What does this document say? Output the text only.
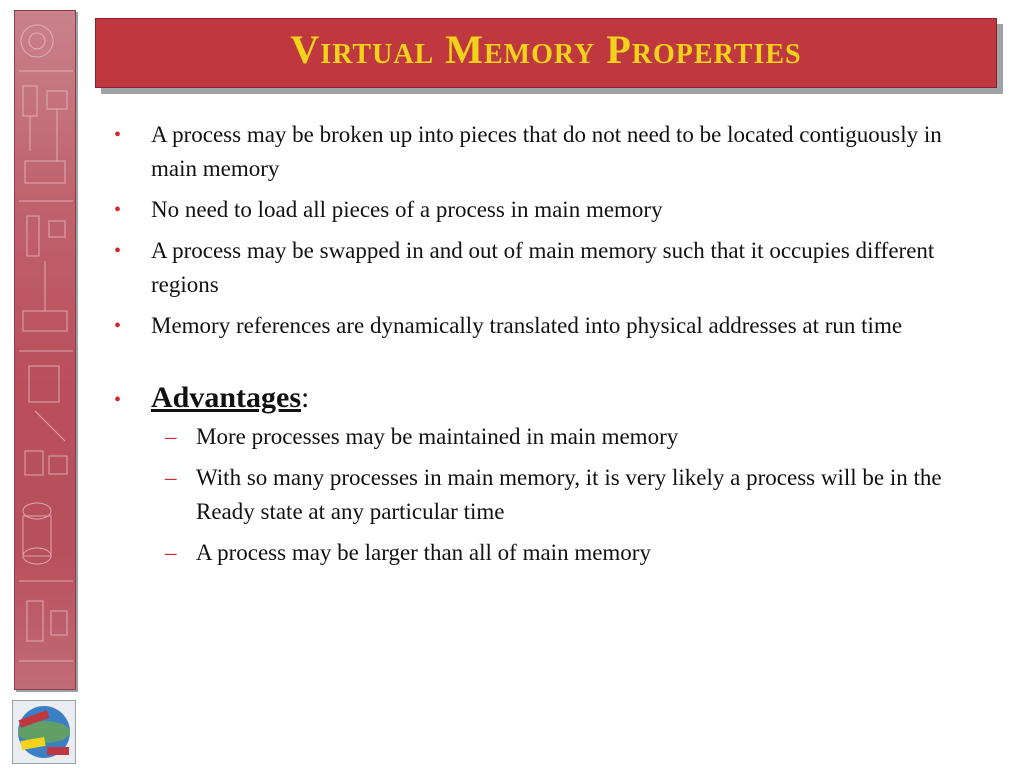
Virtual Memory Properties
• A process may be broken up into pieces that do not need to be located contiguously in main memory
• No need to load all pieces of a process in main memory
• A process may be swapped in and out of main memory such that it occupies different regions
• Memory references are dynamically translated into physical addresses at run time
• Advantages:
– More processes may be maintained in main memory
– With so many processes in main memory, it is very likely a process will be in the Ready state at any particular time
– A process may be larger than all of main memory
